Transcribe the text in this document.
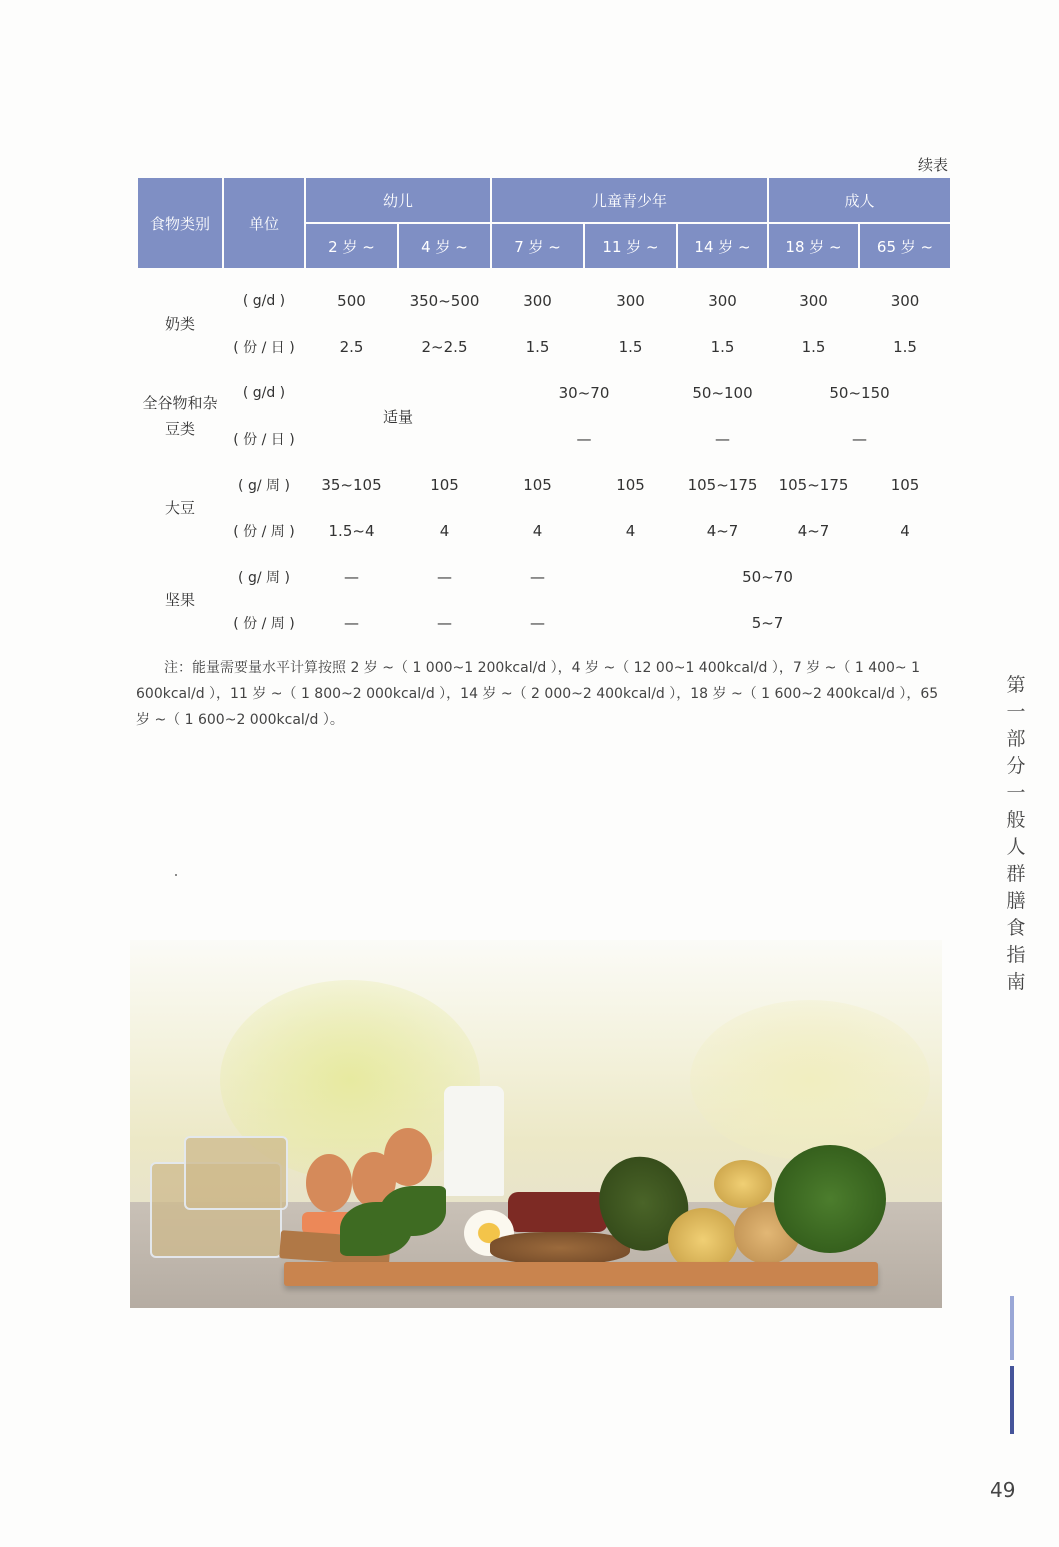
续表
食物类别	单位	幼儿		儿童青少年			成人	
		2 岁 ~	4 岁 ~	7 岁 ~	11 岁 ~	14 岁 ~	18 岁 ~	65 岁 ~

奶类	( g/d )	500	350~500	300	300	300	300	300
	( 份 / 日 )	2.5	2~2.5	1.5	1.5	1.5	1.5	1.5
全谷物和杂豆类	( g/d )	适量		30~70		50~100	50~150	
	( 份 / 日 )			—		—	—	
大豆	( g/ 周 )	35~105	105	105	105	105~175	105~175	105
	( 份 / 周 )	1.5~4	4	4	4	4~7	4~7	4
坚果	( g/ 周 )	—	—	—	50~70			
	( 份 / 周 )	—	—	—	5~7			
注：能量需要量水平计算按照 2 岁 ~（ 1 000~1 200kcal/d ），4 岁 ~（ 12 00~1 400kcal/d ），7 岁 ~（ 1 400~ 1 600kcal/d ），11 岁 ~（ 1 800~2 000kcal/d ），14 岁 ~（ 2 000~2 400kcal/d ），18 岁 ~（ 1 600~2 400kcal/d ），65 岁 ~（ 1 600~2 000kcal/d ）。
第一部分 一般人群膳食指南
49
